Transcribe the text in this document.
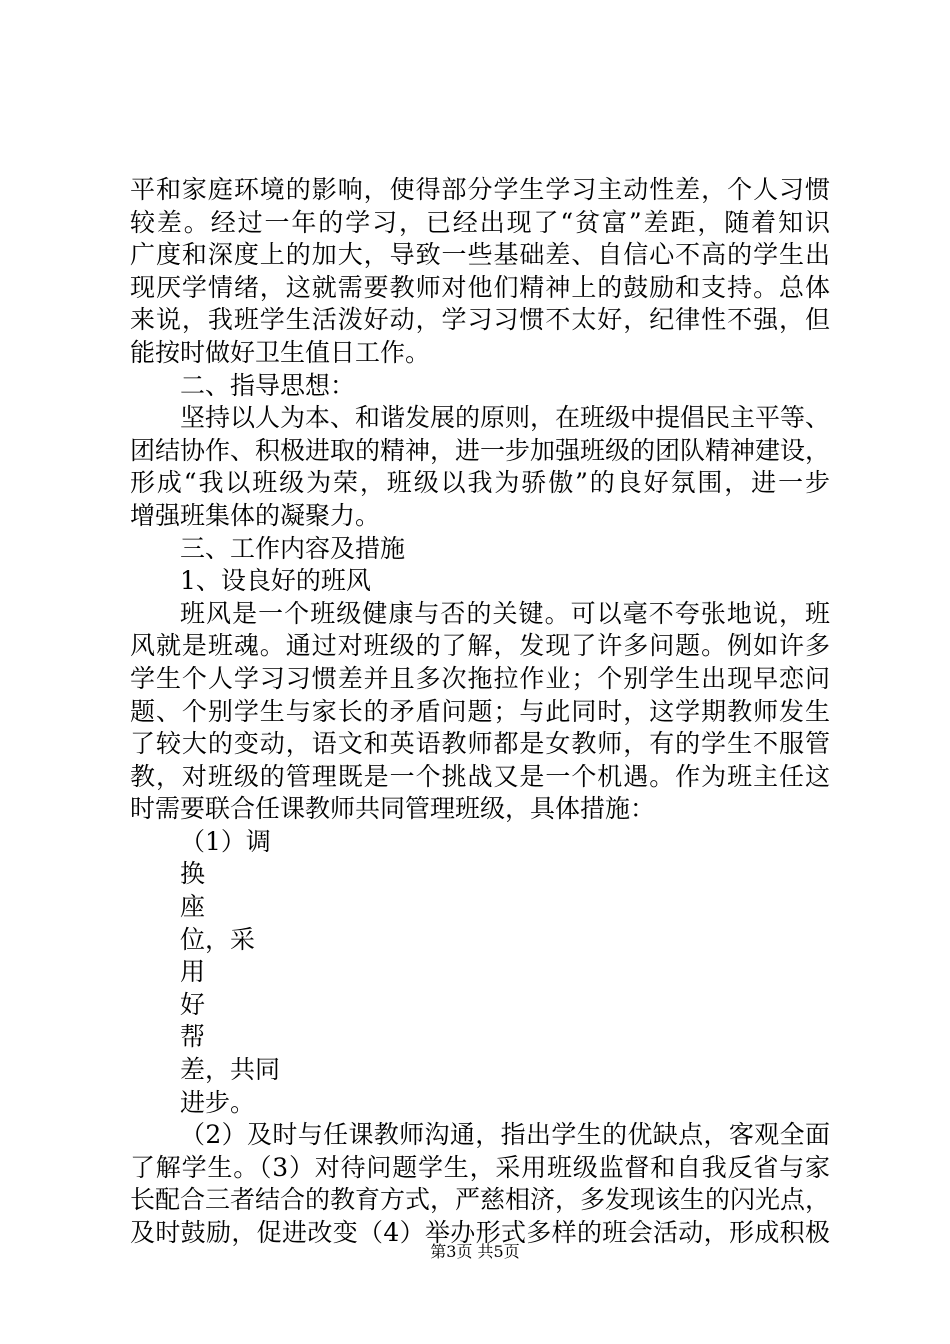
平和家庭环境的影响，使得部分学生学习主动性差，个人习惯
较差。经过一年的学习，已经出现了“贫富”差距，随着知识
广度和深度上的加大，导致一些基础差、自信心不高的学生出
现厌学情绪，这就需要教师对他们精神上的鼓励和支持。总体
来说，我班学生活泼好动，学习习惯不太好，纪律性不强，但
能按时做好卫生值日工作。
二、指导思想：
坚持以人为本、和谐发展的原则，在班级中提倡民主平等、
团结协作、积极进取的精神，进一步加强班级的团队精神建设，
形成“我以班级为荣，班级以我为骄傲”的良好氛围，进一步
增强班集体的凝聚力。
三、工作内容及措施
1、设良好的班风
班风是一个班级健康与否的关键。可以毫不夸张地说，班
风就是班魂。通过对班级的了解，发现了许多问题。例如许多
学生个人学习习惯差并且多次拖拉作业；个别学生出现早恋问
题、个别学生与家长的矛盾问题；与此同时，这学期教师发生
了较大的变动，语文和英语教师都是女教师，有的学生不服管
教，对班级的管理既是一个挑战又是一个机遇。作为班主任这
时需要联合任课教师共同管理班级，具体措施：
（1）调
换
座
位，采
用
好
帮
差，共同
进步。
（2）及时与任课教师沟通，指出学生的优缺点，客观全面
了解学生。（3）对待问题学生，采用班级监督和自我反省与家
长配合三者结合的教育方式，严慈相济，多发现该生的闪光点，
及时鼓励，促进改变（4）举办形式多样的班会活动，形成积极
第3页 共5页
